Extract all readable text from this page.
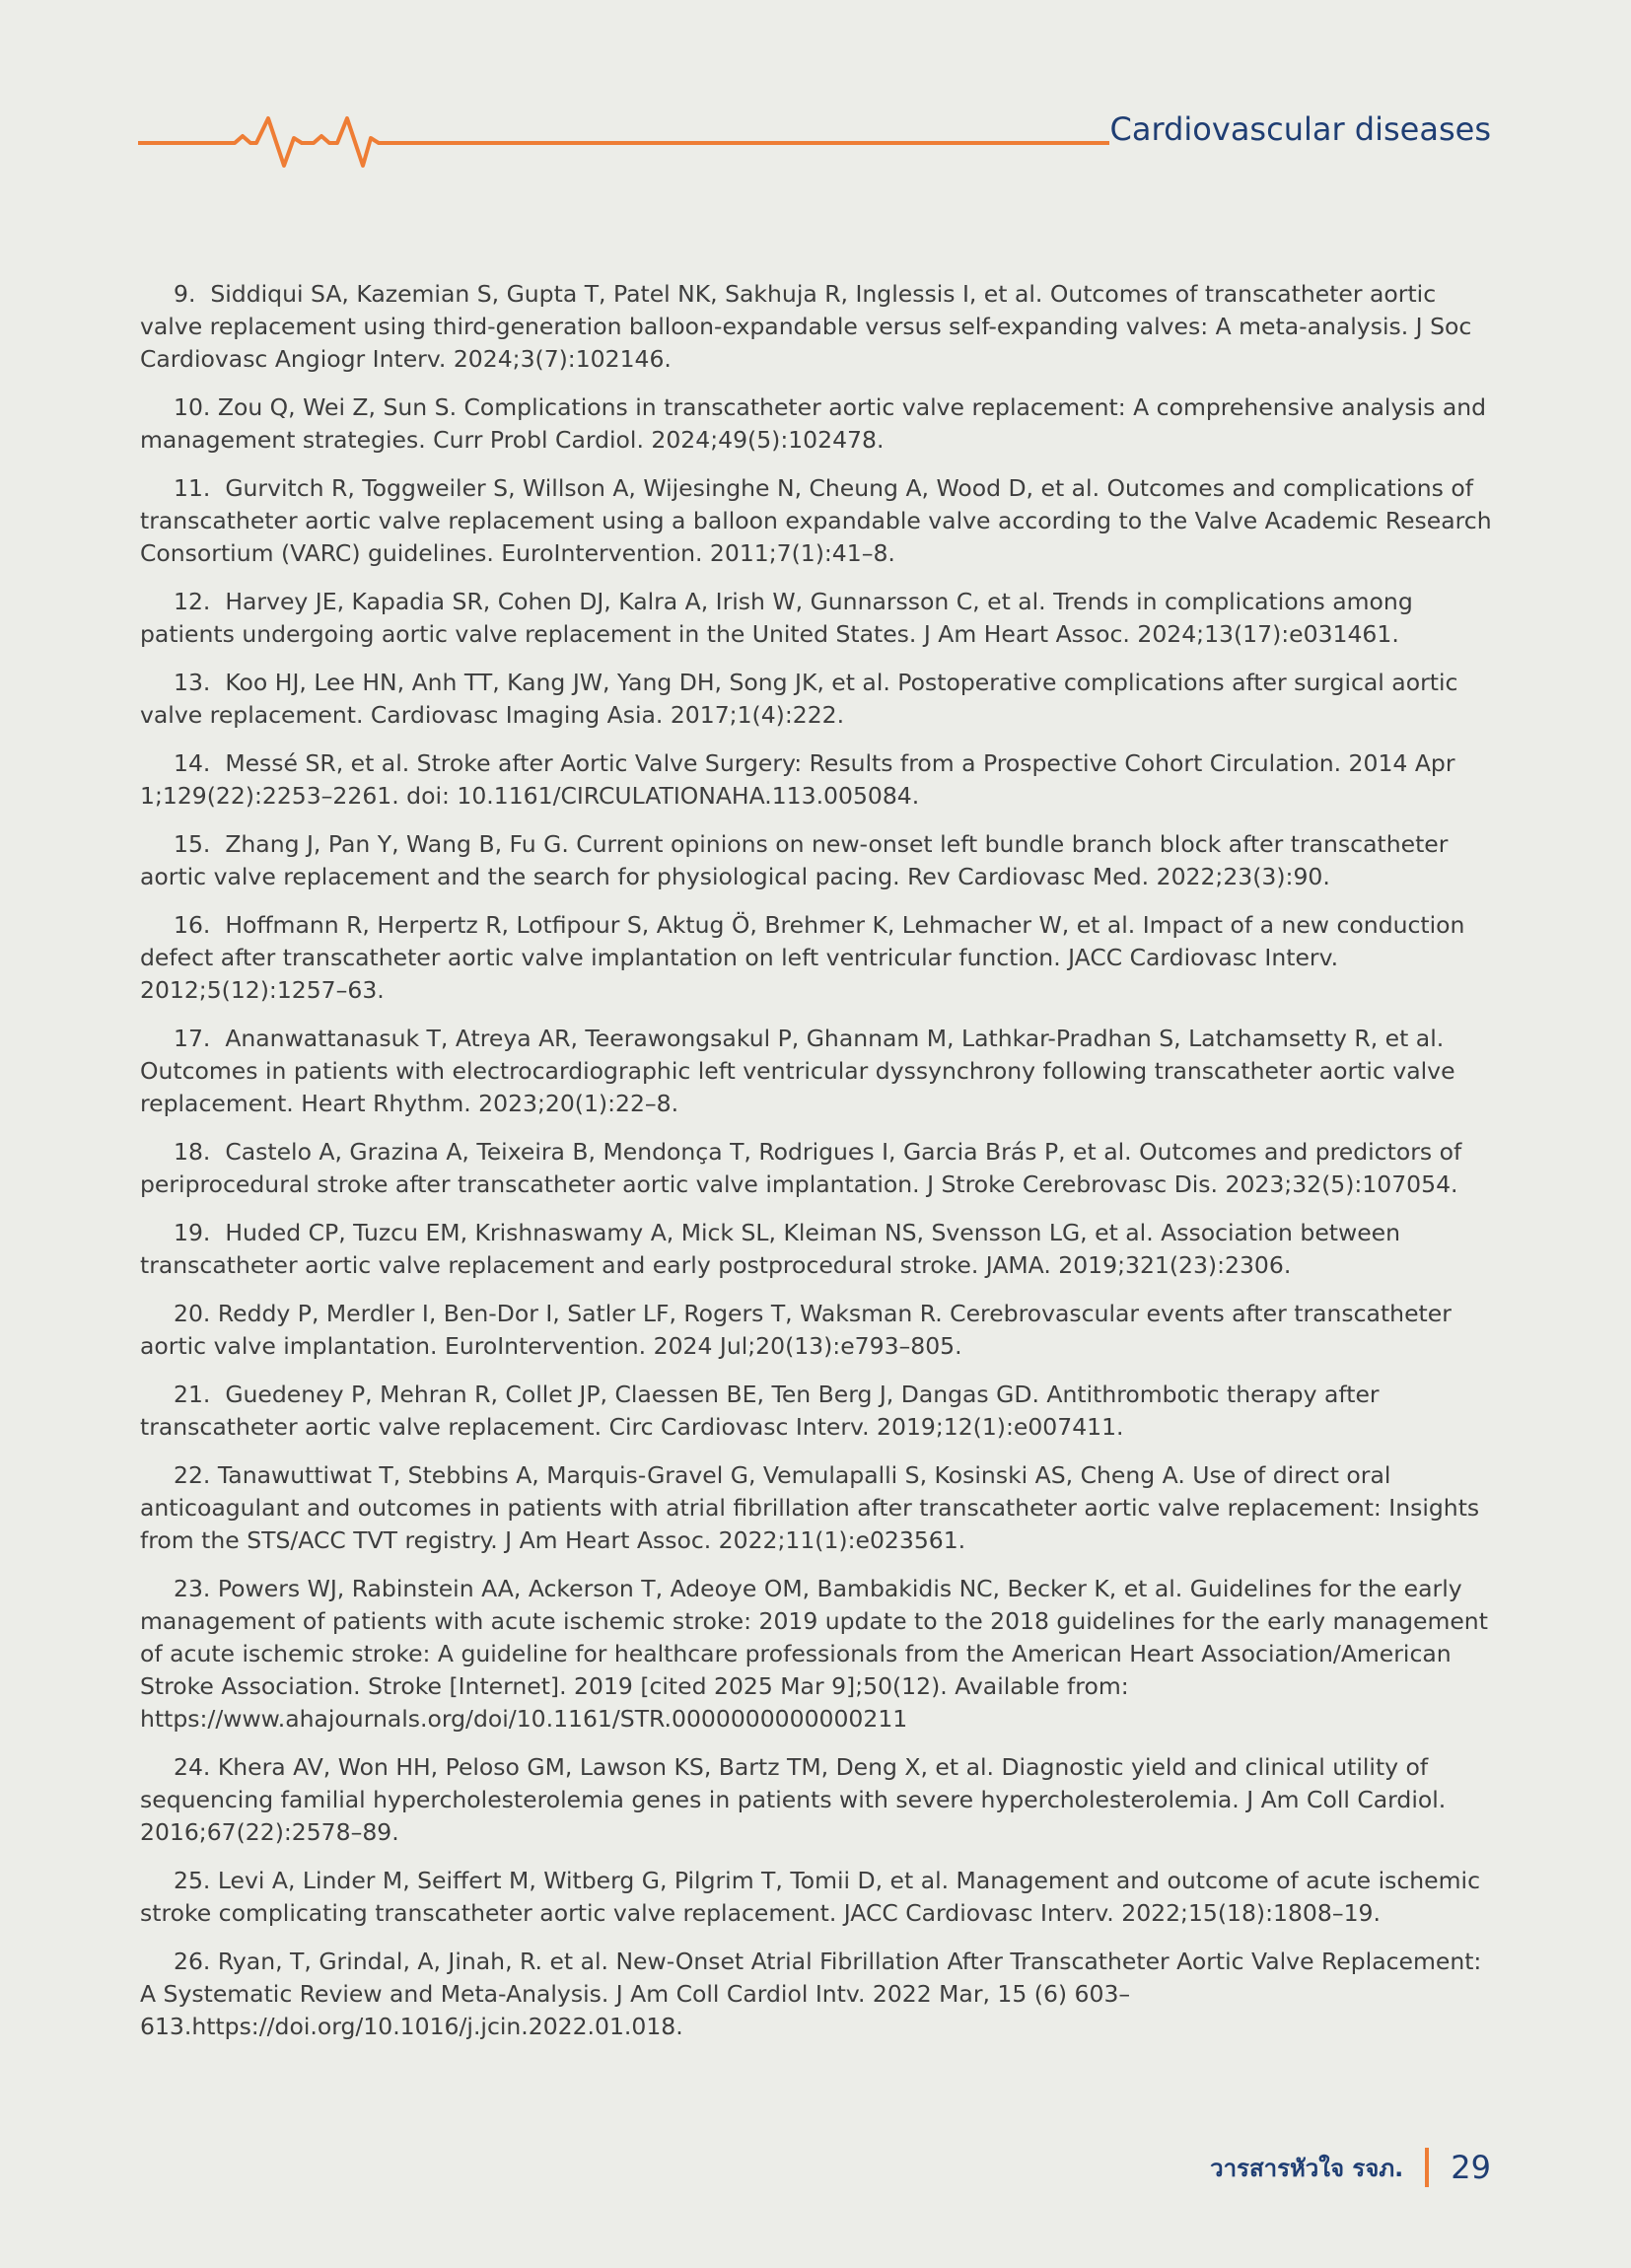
Cardiovascular diseases

9.  Siddiqui SA, Kazemian S, Gupta T, Patel NK, Sakhuja R, Inglessis I, et al. Outcomes of transcatheter aortic valve replacement using third-generation balloon-expandable versus self-expanding valves: A meta-analysis. J Soc Cardiovasc Angiogr Interv. 2024;3(7):102146.

10. Zou Q, Wei Z, Sun S. Complications in transcatheter aortic valve replacement: A comprehensive analysis and management strategies. Curr Probl Cardiol. 2024;49(5):102478.

11.  Gurvitch R, Toggweiler S, Willson A, Wijesinghe N, Cheung A, Wood D, et al. Outcomes and complications of transcatheter aortic valve replacement using a balloon expandable valve according to the Valve Academic Research Consortium (VARC) guidelines. EuroIntervention. 2011;7(1):41–8.

12.  Harvey JE, Kapadia SR, Cohen DJ, Kalra A, Irish W, Gunnarsson C, et al. Trends in complications among patients undergoing aortic valve replacement in the United States. J Am Heart Assoc. 2024;13(17):e031461.

13.  Koo HJ, Lee HN, Anh TT, Kang JW, Yang DH, Song JK, et al. Postoperative complications after surgical aortic valve replacement. Cardiovasc Imaging Asia. 2017;1(4):222.

14.  Messé SR, et al. Stroke after Aortic Valve Surgery: Results from a Prospective Cohort Circulation. 2014 Apr 1;129(22):2253–2261. doi: 10.1161/CIRCULATIONAHA.113.005084.

15.  Zhang J, Pan Y, Wang B, Fu G. Current opinions on new-onset left bundle branch block after transcatheter aortic valve replacement and the search for physiological pacing. Rev Cardiovasc Med. 2022;23(3):90.

16.  Hoffmann R, Herpertz R, Lotfipour S, Aktug Ö, Brehmer K, Lehmacher W, et al. Impact of a new conduction defect after transcatheter aortic valve implantation on left ventricular function. JACC Cardiovasc Interv. 2012;5(12):1257–63.

17.  Ananwattanasuk T, Atreya AR, Teerawongsakul P, Ghannam M, Lathkar-Pradhan S, Latchamsetty R, et al. Outcomes in patients with electrocardiographic left ventricular dyssynchrony following transcatheter aortic valve replacement. Heart Rhythm. 2023;20(1):22–8.

18.  Castelo A, Grazina A, Teixeira B, Mendonça T, Rodrigues I, Garcia Brás P, et al. Outcomes and predictors of periprocedural stroke after transcatheter aortic valve implantation. J Stroke Cerebrovasc Dis. 2023;32(5):107054.

19.  Huded CP, Tuzcu EM, Krishnaswamy A, Mick SL, Kleiman NS, Svensson LG, et al. Association between transcatheter aortic valve replacement and early postprocedural stroke. JAMA. 2019;321(23):2306.

20. Reddy P, Merdler I, Ben-Dor I, Satler LF, Rogers T, Waksman R. Cerebrovascular events after transcatheter aortic valve implantation. EuroIntervention. 2024 Jul;20(13):e793–805.

21.  Guedeney P, Mehran R, Collet JP, Claessen BE, Ten Berg J, Dangas GD. Antithrombotic therapy after transcatheter aortic valve replacement. Circ Cardiovasc Interv. 2019;12(1):e007411.

22. Tanawuttiwat T, Stebbins A, Marquis-Gravel G, Vemulapalli S, Kosinski AS, Cheng A. Use of direct oral anticoagulant and outcomes in patients with atrial fibrillation after transcatheter aortic valve replacement: Insights from the STS/ACC TVT registry. J Am Heart Assoc. 2022;11(1):e023561.

23. Powers WJ, Rabinstein AA, Ackerson T, Adeoye OM, Bambakidis NC, Becker K, et al. Guidelines for the early management of patients with acute ischemic stroke: 2019 update to the 2018 guidelines for the early management of acute ischemic stroke: A guideline for healthcare professionals from the American Heart Association/American Stroke Association. Stroke [Internet]. 2019 [cited 2025 Mar 9];50(12). Available from: https://www.ahajournals.org/doi/10.1161/STR.0000000000000211

24. Khera AV, Won HH, Peloso GM, Lawson KS, Bartz TM, Deng X, et al. Diagnostic yield and clinical utility of sequencing familial hypercholesterolemia genes in patients with severe hypercholesterolemia. J Am Coll Cardiol. 2016;67(22):2578–89.

25. Levi A, Linder M, Seiffert M, Witberg G, Pilgrim T, Tomii D, et al. Management and outcome of acute ischemic stroke complicating transcatheter aortic valve replacement. JACC Cardiovasc Interv. 2022;15(18):1808–19.

26. Ryan, T, Grindal, A, Jinah, R. et al. New-Onset Atrial Fibrillation After Transcatheter Aortic Valve Replacement: A Systematic Review and Meta-Analysis. J Am Coll Cardiol Intv. 2022 Mar, 15 (6) 603–613.https://doi.org/10.1016/j.jcin.2022.01.018.

วารสารหัวใจ รจภ. 29
